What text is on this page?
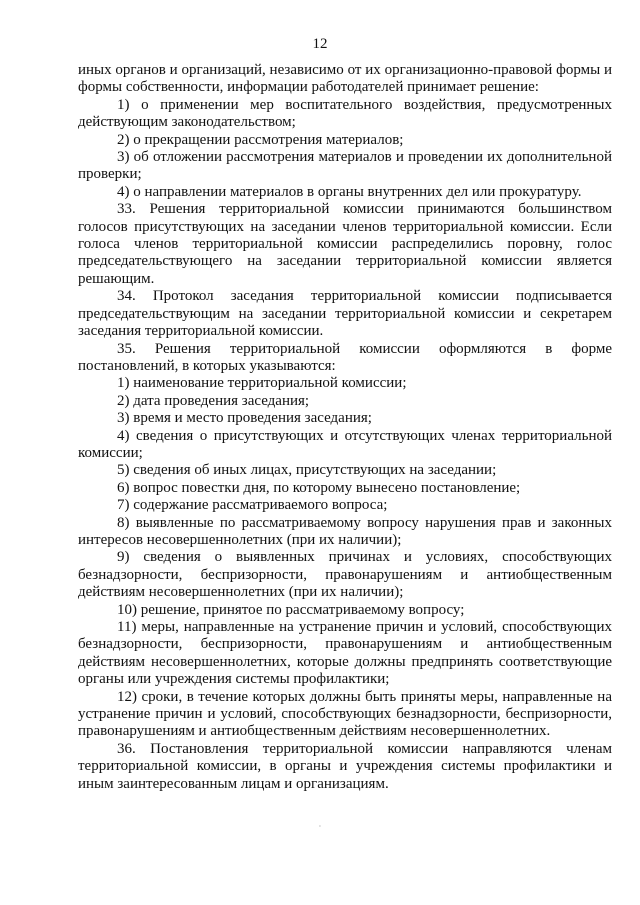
12

иных органов и организаций, независимо от их организационно-правовой формы и формы собственности, информации работодателей принимает решение:

1) о применении мер воспитательного воздействия, предусмотренных действующим законодательством;

2) о прекращении рассмотрения материалов;

3) об отложении рассмотрения материалов и проведении их дополнительной проверки;

4) о направлении материалов в органы внутренних дел или прокуратуру.

33. Решения территориальной комиссии принимаются большинством голосов присутствующих на заседании членов территориальной комиссии. Если голоса членов территориальной комиссии распределились поровну, голос председательствующего на заседании территориальной комиссии является решающим.

34. Протокол заседания территориальной комиссии подписывается председательствующим на заседании территориальной комиссии и секретарем заседания территориальной комиссии.

35. Решения территориальной комиссии оформляются в форме постановлений, в которых указываются:

1) наименование территориальной комиссии;

2) дата проведения заседания;

3) время и место проведения заседания;

4) сведения о присутствующих и отсутствующих членах территориальной комиссии;

5) сведения об иных лицах, присутствующих на заседании;

6) вопрос повестки дня, по которому вынесено постановление;

7) содержание рассматриваемого вопроса;

8) выявленные по рассматриваемому вопросу нарушения прав и законных интересов несовершеннолетних (при их наличии);

9) сведения о выявленных причинах и условиях, способствующих безнадзорности, беспризорности, правонарушениям и антиобщественным действиям несовершеннолетних (при их наличии);

10) решение, принятое по рассматриваемому вопросу;

11) меры, направленные на устранение причин и условий, способствующих безнадзорности, беспризорности, правонарушениям и антиобщественным действиям несовершеннолетних, которые должны предпринять соответствующие органы или учреждения системы профилактики;

12) сроки, в течение которых должны быть приняты меры, направленные на устранение причин и условий, способствующих безнадзорности, беспризорности, правонарушениям и антиобщественным действиям несовершеннолетних.

36. Постановления территориальной комиссии направляются членам территориальной комиссии, в органы и учреждения системы профилактики и иным заинтересованным лицам и организациям.

·
